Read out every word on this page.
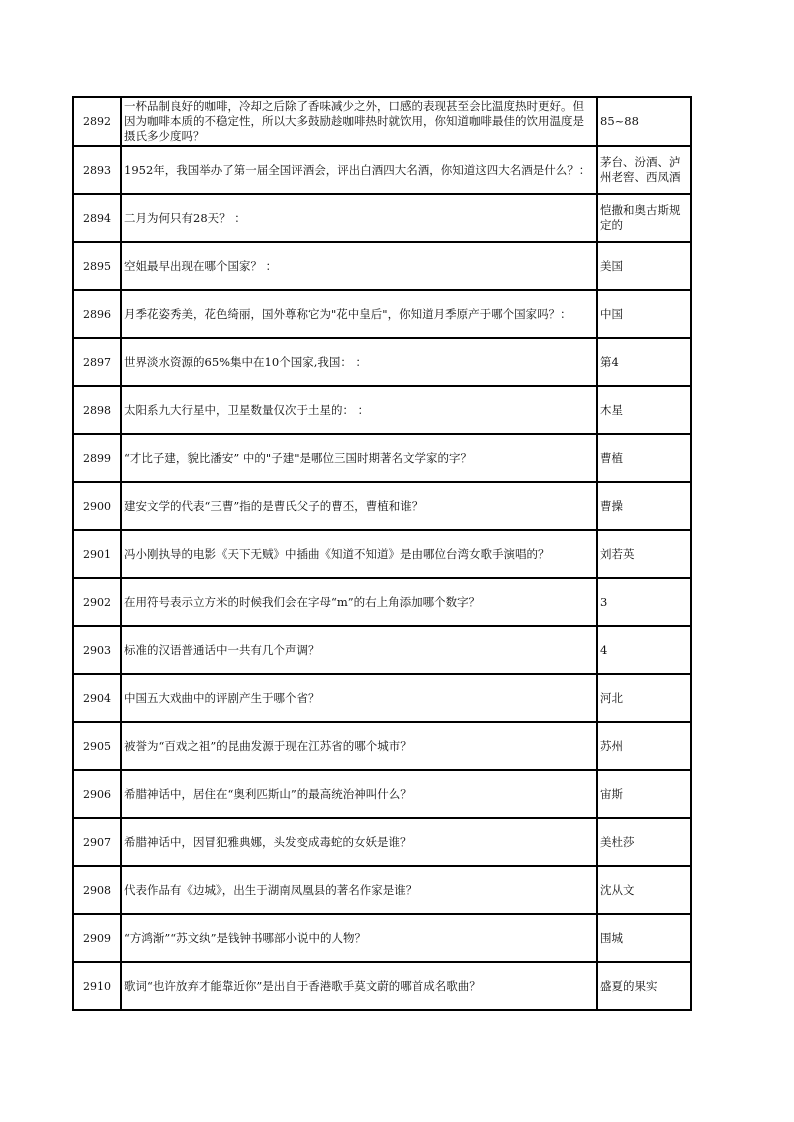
2892	一杯品制良好的咖啡，冷却之后除了香味减少之外，口感的表现甚至会比温度热时更好。但因为咖啡本质的不稳定性，所以大多鼓励趁咖啡热时就饮用，你知道咖啡最佳的饮用温度是摄氏多少度吗？	85~88
2893	1952年，我国举办了第一届全国评酒会，评出白酒四大名酒，你知道这四大名酒是什么？：	茅台、汾酒、泸州老窖、西凤酒
2894	二月为何只有28天？ ：	恺撒和奥古斯规定的
2895	空姐最早出现在哪个国家？ ：	美国
2896	月季花姿秀美，花色绮丽，国外尊称它为"花中皇后"，你知道月季原产于哪个国家吗？：	中国
2897	世界淡水资源的65%集中在10个国家,我国： ：	第4
2898	太阳系九大行星中，卫星数量仅次于土星的： ：	木星
2899	“才比子建，貌比潘安” 中的"子建"是哪位三国时期著名文学家的字？	曹植
2900	建安文学的代表“三曹”指的是曹氏父子的曹丕，曹植和谁？	曹操
2901	冯小刚执导的电影《天下无贼》中插曲《知道不知道》是由哪位台湾女歌手演唱的？	刘若英
2902	在用符号表示立方米的时候我们会在字母“m”的右上角添加哪个数字？	3
2903	标准的汉语普通话中一共有几个声调？	4
2904	中国五大戏曲中的评剧产生于哪个省？	河北
2905	被誉为“百戏之祖”的昆曲发源于现在江苏省的哪个城市？	苏州
2906	希腊神话中，居住在“奥利匹斯山”的最高统治神叫什么？	宙斯
2907	希腊神话中，因冒犯雅典娜，头发变成毒蛇的女妖是谁？	美杜莎
2908	代表作品有《边城》，出生于湖南凤凰县的著名作家是谁？	沈从文
2909	“方鸿渐”“苏文纨”是钱钟书哪部小说中的人物？	围城
2910	歌词“也许放弃才能靠近你”是出自于香港歌手莫文蔚的哪首成名歌曲？	盛夏的果实
